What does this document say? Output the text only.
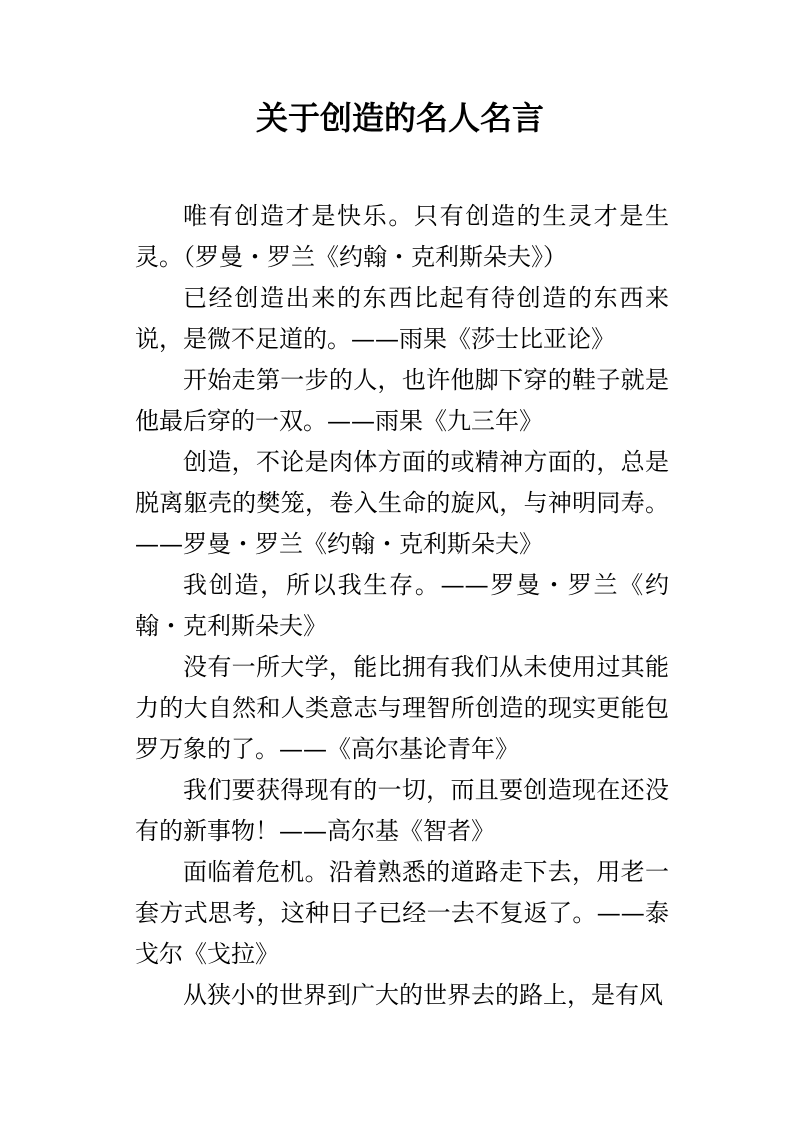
关于创造的名人名言

唯有创造才是快乐。只有创造的生灵才是生灵。（罗曼・罗兰《约翰・克利斯朵夫》）

已经创造出来的东西比起有待创造的东西来说，是微不足道的。——雨果《莎士比亚论》

开始走第一步的人，也许他脚下穿的鞋子就是他最后穿的一双。——雨果《九三年》

创造，不论是肉体方面的或精神方面的，总是脱离躯壳的樊笼，卷入生命的旋风，与神明同寿。——罗曼・罗兰《约翰・克利斯朵夫》

我创造，所以我生存。——罗曼・罗兰《约翰・克利斯朵夫》

没有一所大学，能比拥有我们从未使用过其能力的大自然和人类意志与理智所创造的现实更能包罗万象的了。——《高尔基论青年》

我们要获得现有的一切，而且要创造现在还没有的新事物！——高尔基《智者》

面临着危机。沿着熟悉的道路走下去，用老一套方式思考，这种日子已经一去不复返了。——泰戈尔《戈拉》

从狭小的世界到广大的世界去的路上，是有风
